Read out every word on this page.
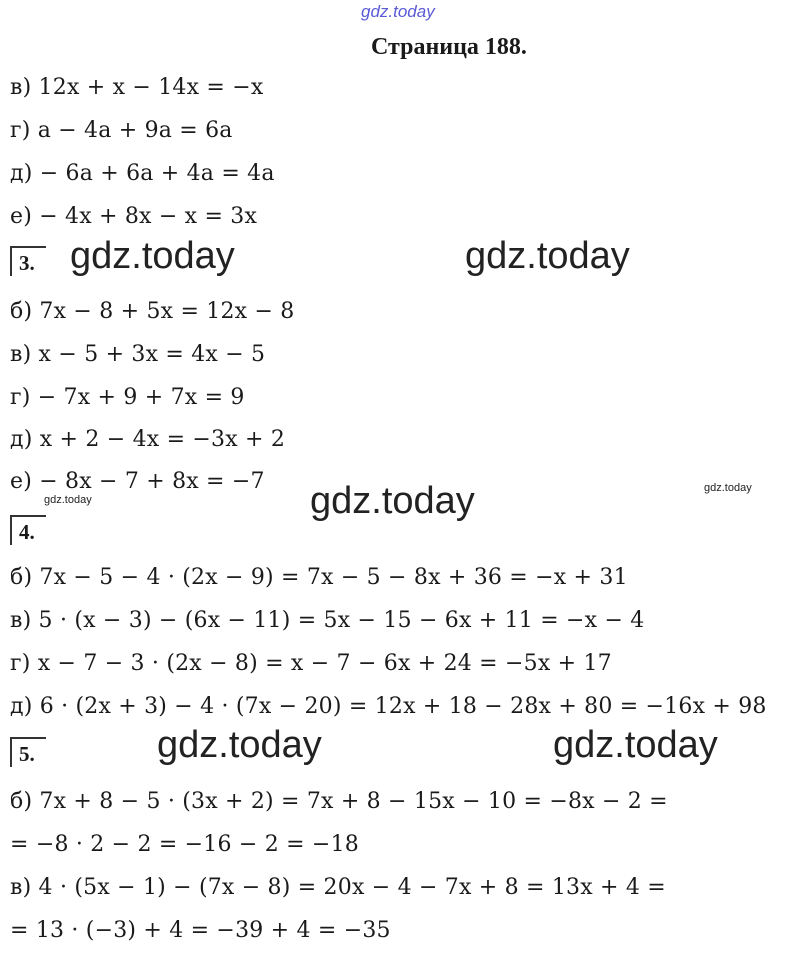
gdz.today
Страница 188.
в) 12x + x − 14x = −x
г) a − 4a + 9a = 6a
д) − 6a + 6a + 4a = 4a
е) − 4x + 8x − x = 3x
3. gdz.today	gdz.today
б) 7x − 8 + 5x = 12x − 8
в) x − 5 + 3x = 4x − 5
г) − 7x + 9 + 7x = 9
д) x + 2 − 4x = −3x + 2
е) − 8x − 7 + 8x = −7
gdz.today
gdz.today
gdz.today
4.
б) 7x − 5 − 4 · (2x − 9) = 7x − 5 − 8x + 36 = −x + 31
в) 5 · (x − 3) − (6x − 11) = 5x − 15 − 6x + 11 = −x − 4
г) x − 7 − 3 · (2x − 8) = x − 7 − 6x + 24 = −5x + 17
д) 6 · (2x + 3) − 4 · (7x − 20) = 12x + 18 − 28x + 80 = −16x + 98
5.	gdz.today	gdz.today
б) 7x + 8 − 5 · (3x + 2) = 7x + 8 − 15x − 10 = −8x − 2 =
= −8 · 2 − 2 = −16 − 2 = −18
в) 4 · (5x − 1) − (7x − 8) = 20x − 4 − 7x + 8 = 13x + 4 =
= 13 · (−3) + 4 = −39 + 4 = −35
